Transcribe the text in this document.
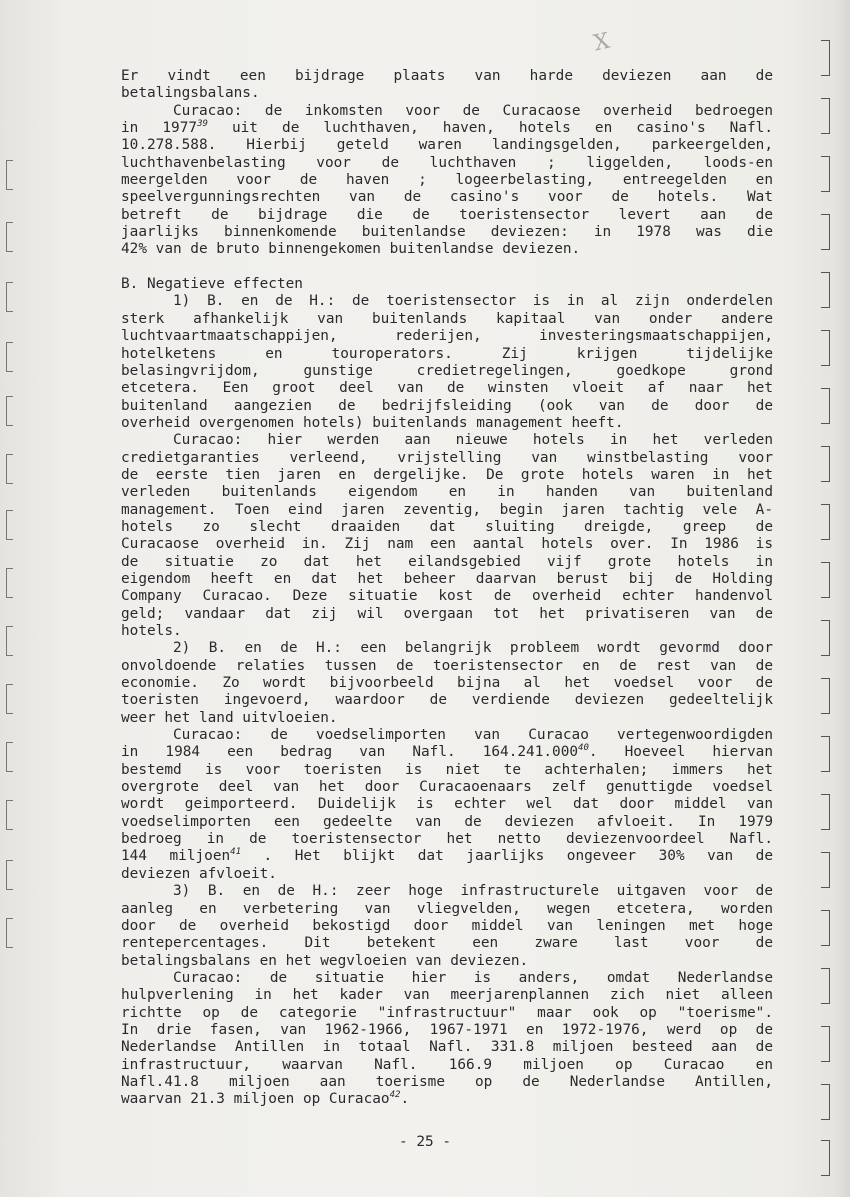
X
Er vindt een bijdrage plaats van harde deviezen aan de
betalingsbalans.
Curacao: de inkomsten voor de Curacaose overheid bedroegen
in 1977$^{39}$ uit de luchthaven, haven, hotels en casino's Nafl.
10.278.588. Hierbij geteld waren landingsgelden, parkeergelden,
luchthavenbelasting voor de luchthaven ; liggelden, loods-en
meergelden voor de haven ; logeerbelasting, entreegelden en
speelvergunningsrechten van de casino's voor de hotels. Wat
betreft de bijdrage die de toeristensector levert aan de
jaarlijks binnenkomende buitenlandse deviezen: in 1978 was die
42% van de bruto binnengekomen buitenlandse deviezen.
B. Negatieve effecten
1) B. en de H.: de toeristensector is in al zijn onderdelen
sterk afhankelijk van buitenlands kapitaal van onder andere
luchtvaartmaatschappijen, rederijen, investeringsmaatschappijen,
hotelketens en touroperators. Zij krijgen tijdelijke
belasingvrijdom, gunstige credietregelingen, goedkope grond
etcetera. Een groot deel van de winsten vloeit af naar het
buitenland aangezien de bedrijfsleiding (ook van de door de
overheid overgenomen hotels) buitenlands management heeft.
Curacao: hier werden aan nieuwe hotels in het verleden
credietgaranties verleend, vrijstelling van winstbelasting voor
de eerste tien jaren en dergelijke. De grote hotels waren in het
verleden buitenlands eigendom en in handen van buitenland
management. Toen eind jaren zeventig, begin jaren tachtig vele A-
hotels zo slecht draaiden dat sluiting dreigde, greep de
Curacaose overheid in. Zij nam een aantal hotels over. In 1986 is
de situatie zo dat het eilandsgebied vijf grote hotels in
eigendom heeft en dat het beheer daarvan berust bij de Holding
Company Curacao. Deze situatie kost de overheid echter handenvol
geld; vandaar dat zij wil overgaan tot het privatiseren van de
hotels.
2) B. en de H.: een belangrijk probleem wordt gevormd door
onvoldoende relaties tussen de toeristensector en de rest van de
economie. Zo wordt bijvoorbeeld bijna al het voedsel voor de
toeristen ingevoerd, waardoor de verdiende deviezen gedeeltelijk
weer het land uitvloeien.
Curacao: de voedselimporten van Curacao vertegenwoordigden
in 1984 een bedrag van Nafl. 164.241.000$^{40}$. Hoeveel hiervan
bestemd is voor toeristen is niet te achterhalen; immers het
overgrote deel van het door Curacaoenaars zelf genuttigde voedsel
wordt geimporteerd. Duidelijk is echter wel dat door middel van
voedselimporten een gedeelte van de deviezen afvloeit. In 1979
bedroeg in de toeristensector het netto deviezenvoordeel Nafl.
144 miljoen$^{41}$ . Het blijkt dat jaarlijks ongeveer 30% van de
deviezen afvloeit.
3) B. en de H.: zeer hoge infrastructurele uitgaven voor de
aanleg en verbetering van vliegvelden, wegen etcetera, worden
door de overheid bekostigd door middel van leningen met hoge
rentepercentages. Dit betekent een zware last voor de
betalingsbalans en het wegvloeien van deviezen.
Curacao: de situatie hier is anders, omdat Nederlandse
hulpverlening in het kader van meerjarenplannen zich niet alleen
richtte op de categorie "infrastructuur" maar ook op "toerisme".
In drie fasen, van 1962-1966, 1967-1971 en 1972-1976, werd op de
Nederlandse Antillen in totaal Nafl. 331.8 miljoen besteed aan de
infrastructuur, waarvan Nafl. 166.9 miljoen op Curacao en
Nafl.41.8 miljoen aan toerisme op de Nederlandse Antillen,
waarvan 21.3 miljoen op Curacao$^{42}$.
- 25 -
